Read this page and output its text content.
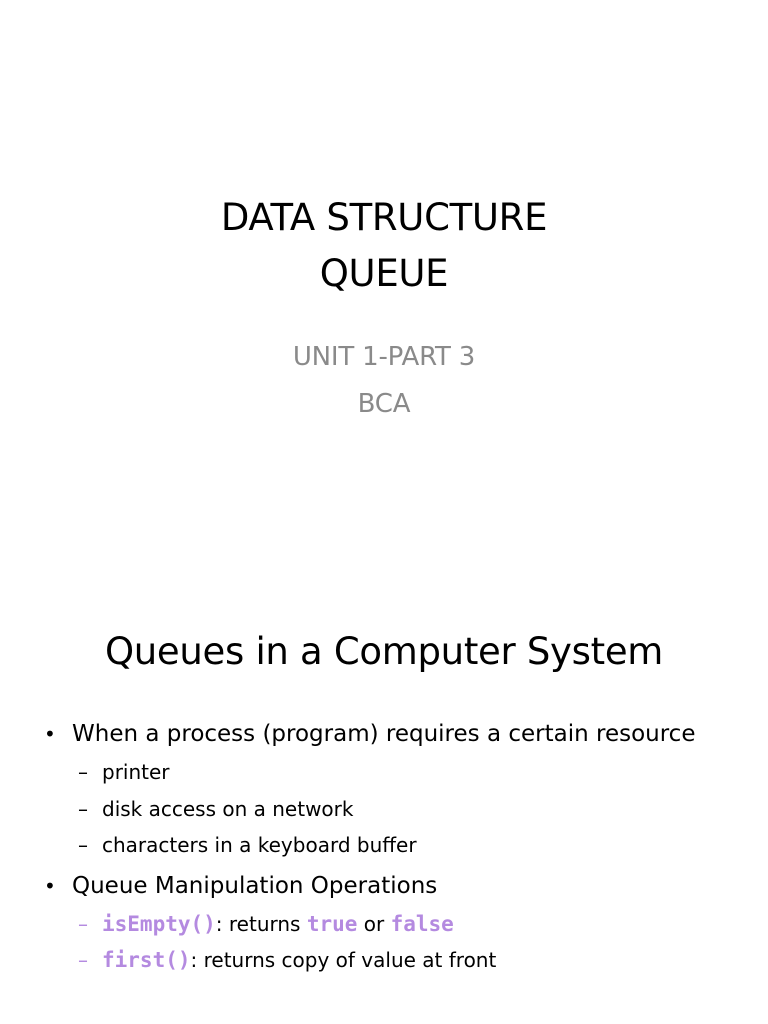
DATA STRUCTURE
QUEUE
UNIT 1-PART 3
BCA
Queues in a Computer System
• When a process (program) requires a certain resource
– printer
– disk access on a network
– characters in a keyboard buffer
• Queue Manipulation Operations
– isEmpty(): returns true or false
– first(): returns copy of value at front
